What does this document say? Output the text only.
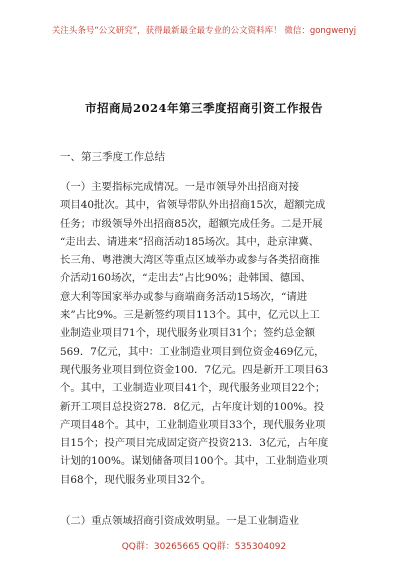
关注头条号“公文研究”，获得最新最全最专业的公文资料库！ 微信：gongwenyj
市招商局2024年第三季度招商引资工作报告
一、第三季度工作总结
（一）主要指标完成情况。一是市领导外出招商对接
项目40批次。其中，省领导带队外出招商15次，超额完成
任务；市级领导外出招商85次，超额完成任务。二是开展
“走出去、请进来”招商活动185场次。其中，赴京津冀、
长三角、粤港澳大湾区等重点区域举办或参与各类招商推
介活动160场次，“走出去”占比90%；赴韩国、德国、
意大利等国家举办或参与商端商务活动15场次，“请进
来”占比9%。三是新签约项目113个。其中，亿元以上工
业制造业项目71个，现代服务业项目31个；签约总金额
569．7亿元，其中：工业制造业项目到位资金469亿元，
现代服务业项目到位资金100．7亿元。四是新开工项目63
个。其中，工业制造业项目41个，现代服务业项目22个；
新开工项目总投资278．8亿元，占年度计划的100%。投
产项目48个。其中，工业制造业项目33个，现代服务业项
目15个；投产项目完成固定资产投资213．3亿元，占年度
计划的100%。谋划储备项目100个。其中，工业制造业项
目68个，现代服务业项目32个。
（二）重点领域招商引资成效明显。一是工业制造业
QQ群：30265665 QQ群：535304092
